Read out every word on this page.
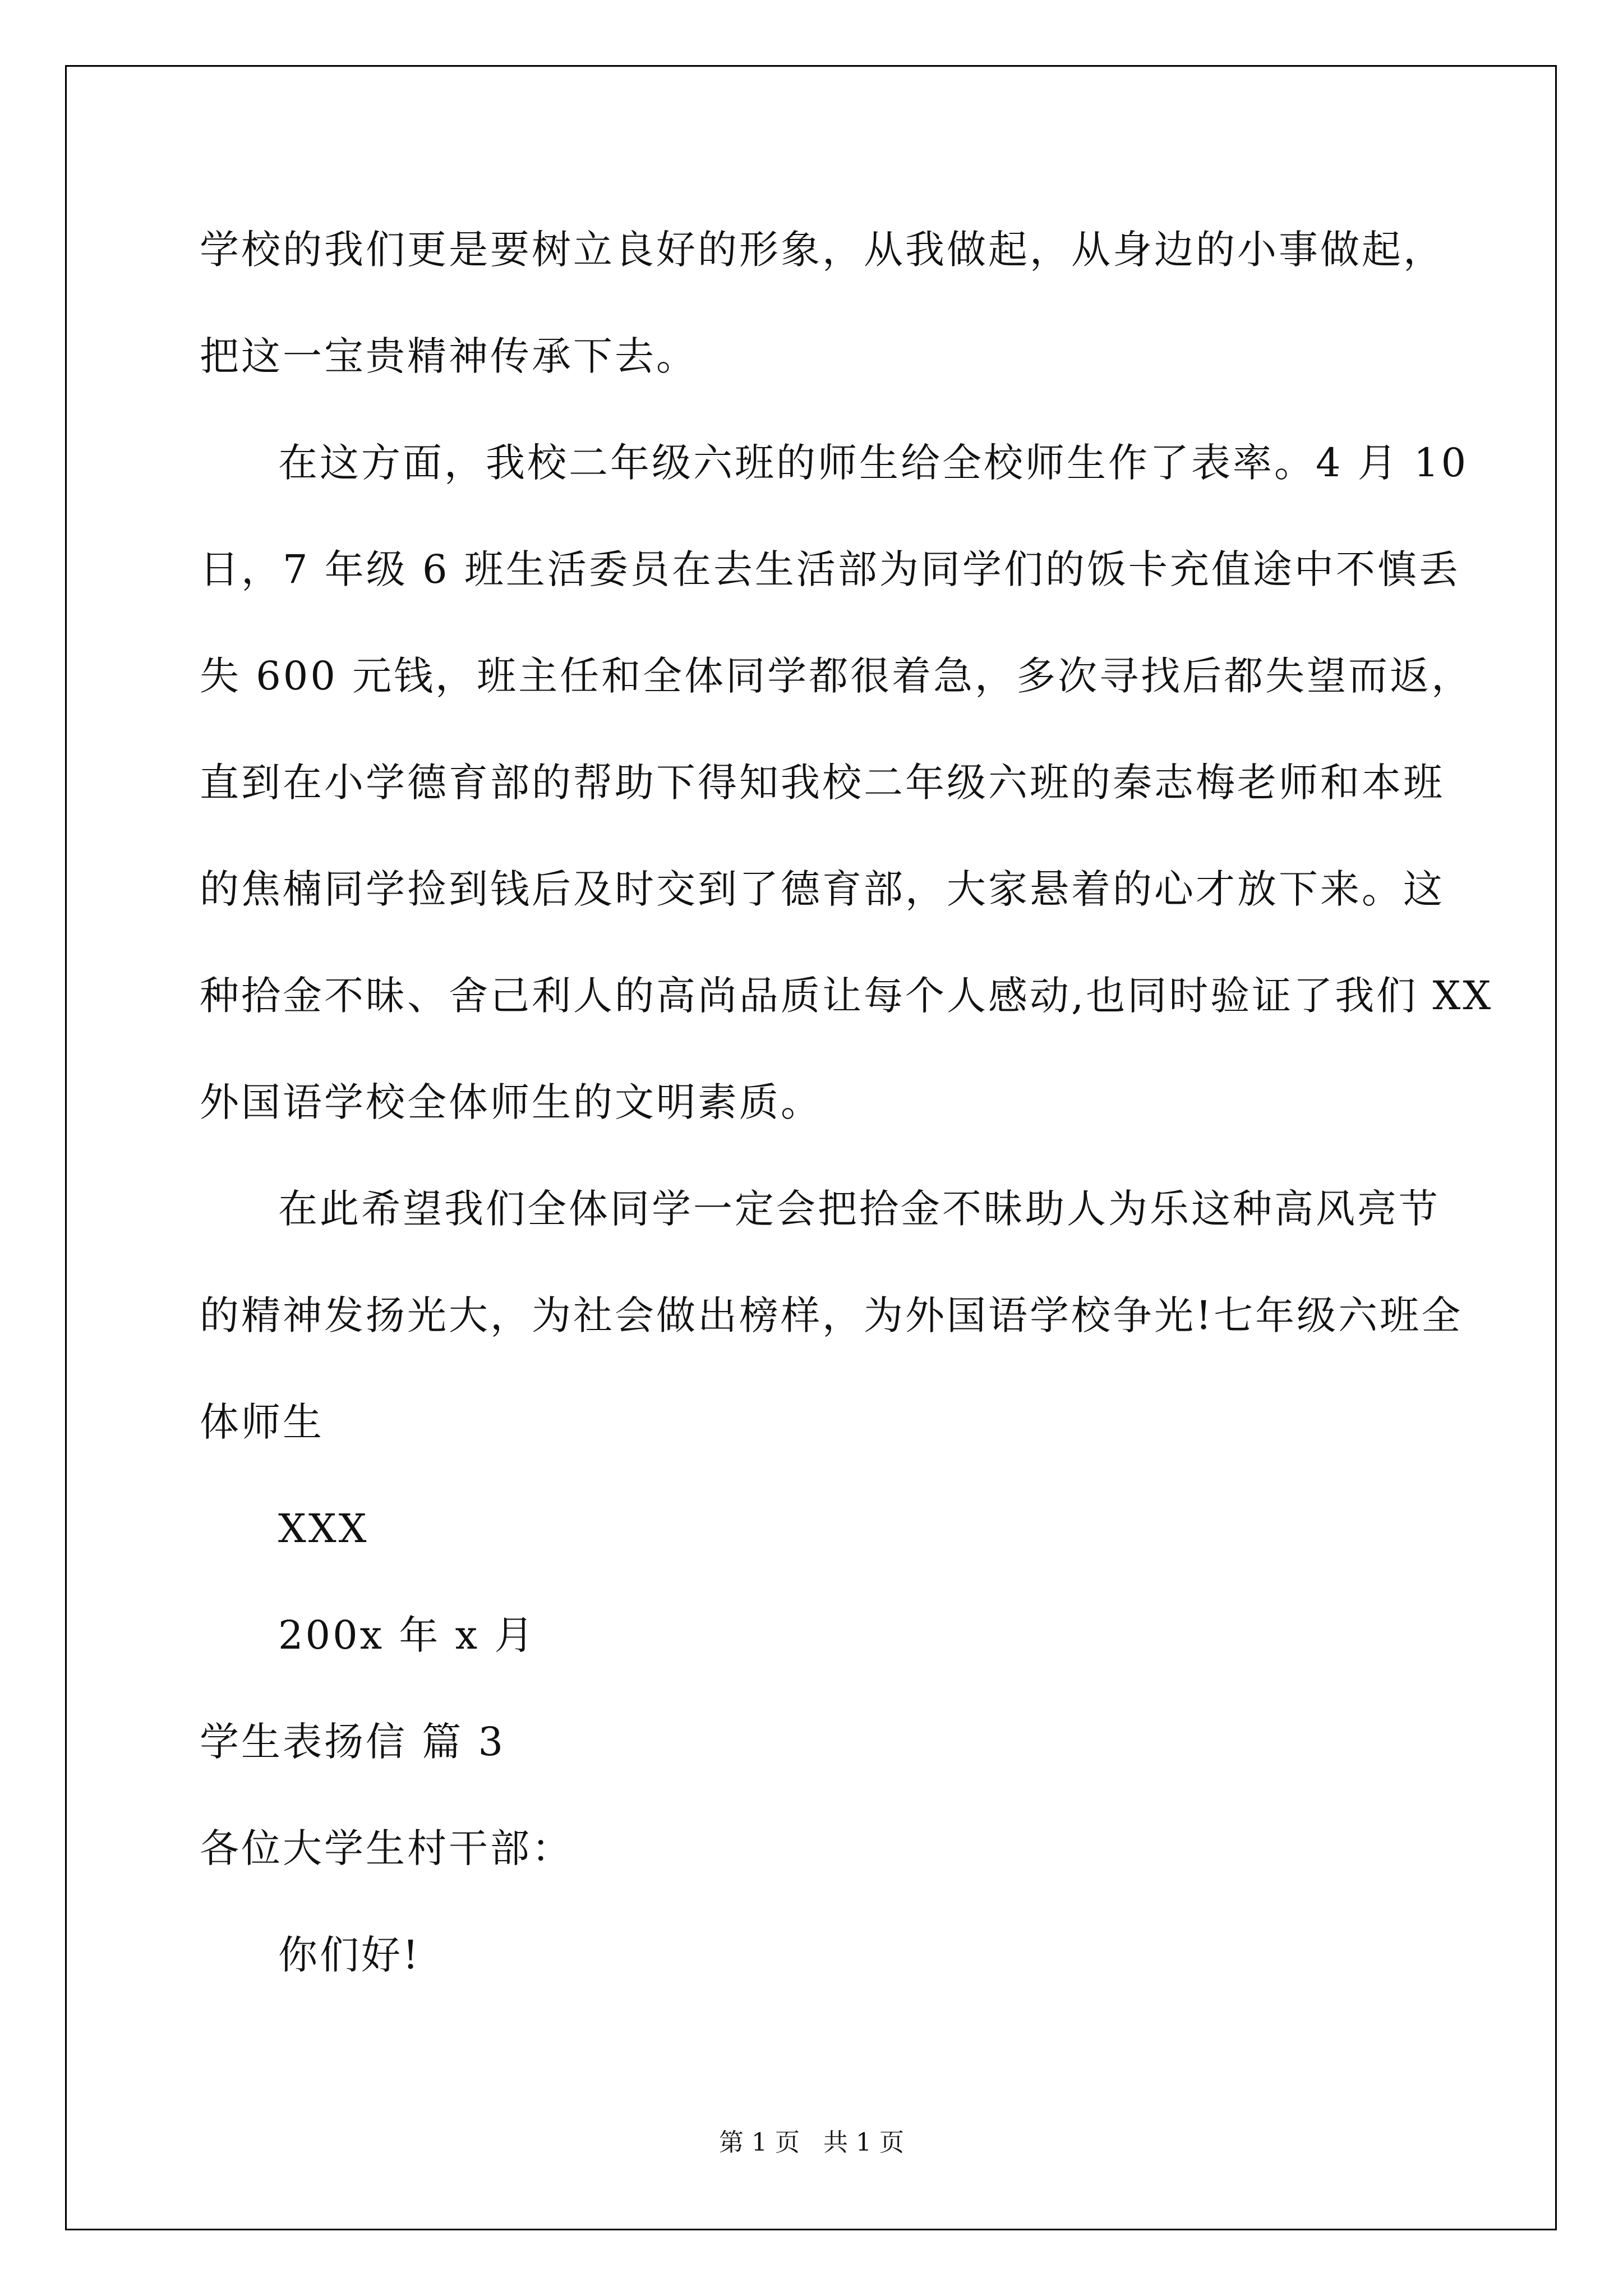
学校的我们更是要树立良好的形象，从我做起，从身边的小事做起，
把这一宝贵精神传承下去。
在这方面，我校二年级六班的师生给全校师生作了表率。4 月 10
日，7 年级 6 班生活委员在去生活部为同学们的饭卡充值途中不慎丢
失 600 元钱，班主任和全体同学都很着急，多次寻找后都失望而返，
直到在小学德育部的帮助下得知我校二年级六班的秦志梅老师和本班
的焦楠同学捡到钱后及时交到了德育部，大家悬着的心才放下来。这
种拾金不昧、舍己利人的高尚品质让每个人感动,也同时验证了我们 XX
外国语学校全体师生的文明素质。
在此希望我们全体同学一定会把拾金不昧助人为乐这种高风亮节
的精神发扬光大，为社会做出榜样，为外国语学校争光!七年级六班全
体师生
XXX
200x 年 x 月
学生表扬信 篇 3
各位大学生村干部：
你们好!
第 1 页   共 1 页
